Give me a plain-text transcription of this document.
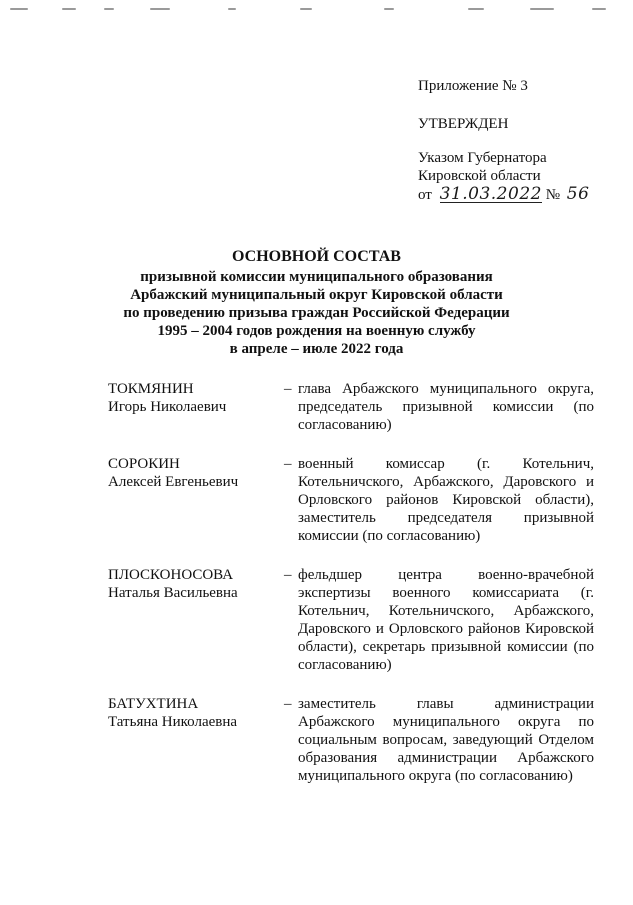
Приложение № 3
УТВЕРЖДЕН
Указом Губернатора
Кировской области
от 31.03.2022 № 56
ОСНОВНОЙ СОСТАВ
призывной комиссии муниципального образования
Арбажский муниципальный округ Кировской области
по проведению призыва граждан Российской Федерации
1995 – 2004 годов рождения на военную службу
в апреле – июле 2022 года
ТОКМЯНИН
Игорь Николаевич
– глава Арбажского муниципального округа, председатель призывной комиссии (по согласованию)
СОРОКИН
Алексей Евгеньевич
– военный комиссар (г. Котельнич, Котельничского, Арбажского, Даровского и Орловского районов Кировской области), заместитель председателя призывной комиссии (по согласованию)
ПЛОСКОНОСОВА
Наталья Васильевна
– фельдшер центра военно-врачебной экспертизы военного комиссариата (г. Котельнич, Котельничского, Арбажского, Даровского и Орловского районов Кировской области), секретарь призывной комиссии (по согласованию)
БАТУХТИНА
Татьяна Николаевна
– заместитель главы администрации Арбажского муниципального округа по социальным вопросам, заведующий Отделом образования администрации Арбажского муниципального округа (по согласованию)
